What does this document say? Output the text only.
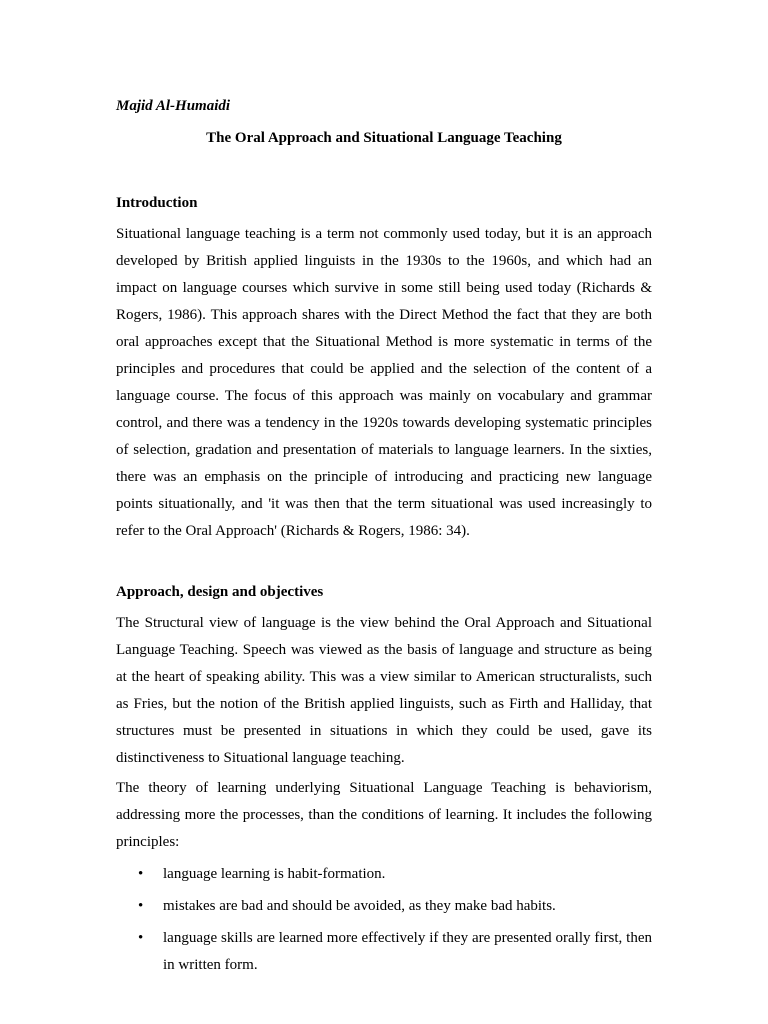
Majid Al-Humaidi

The Oral Approach and Situational Language Teaching

Introduction

Situational language teaching is a term not commonly used today, but it is an approach developed by British applied linguists in the 1930s to the 1960s, and which had an impact on language courses which survive in some still being used today (Richards & Rogers, 1986). This approach shares with the Direct Method the fact that they are both oral approaches except that the Situational Method is more systematic in terms of the principles and procedures that could be applied and the selection of the content of a language course. The focus of this approach was mainly on vocabulary and grammar control, and there was a tendency in the 1920s towards developing systematic principles of selection, gradation and presentation of materials to language learners. In the sixties, there was an emphasis on the principle of introducing and practicing new language points situationally, and 'it was then that the term situational was used increasingly to refer to the Oral Approach' (Richards & Rogers, 1986: 34).

Approach, design and objectives

The Structural view of language is the view behind the Oral Approach and Situational Language Teaching. Speech was viewed as the basis of language and structure as being at the heart of speaking ability. This was a view similar to American structuralists, such as Fries, but the notion of the British applied linguists, such as Firth and Halliday, that structures must be presented in situations in which they could be used, gave its distinctiveness to Situational language teaching.

The theory of learning underlying Situational Language Teaching is behaviorism, addressing more the processes, than the conditions of learning. It includes the following principles:

• language learning is habit-formation.
• mistakes are bad and should be avoided, as they make bad habits.
• language skills are learned more effectively if they are presented orally first, then in written form.
